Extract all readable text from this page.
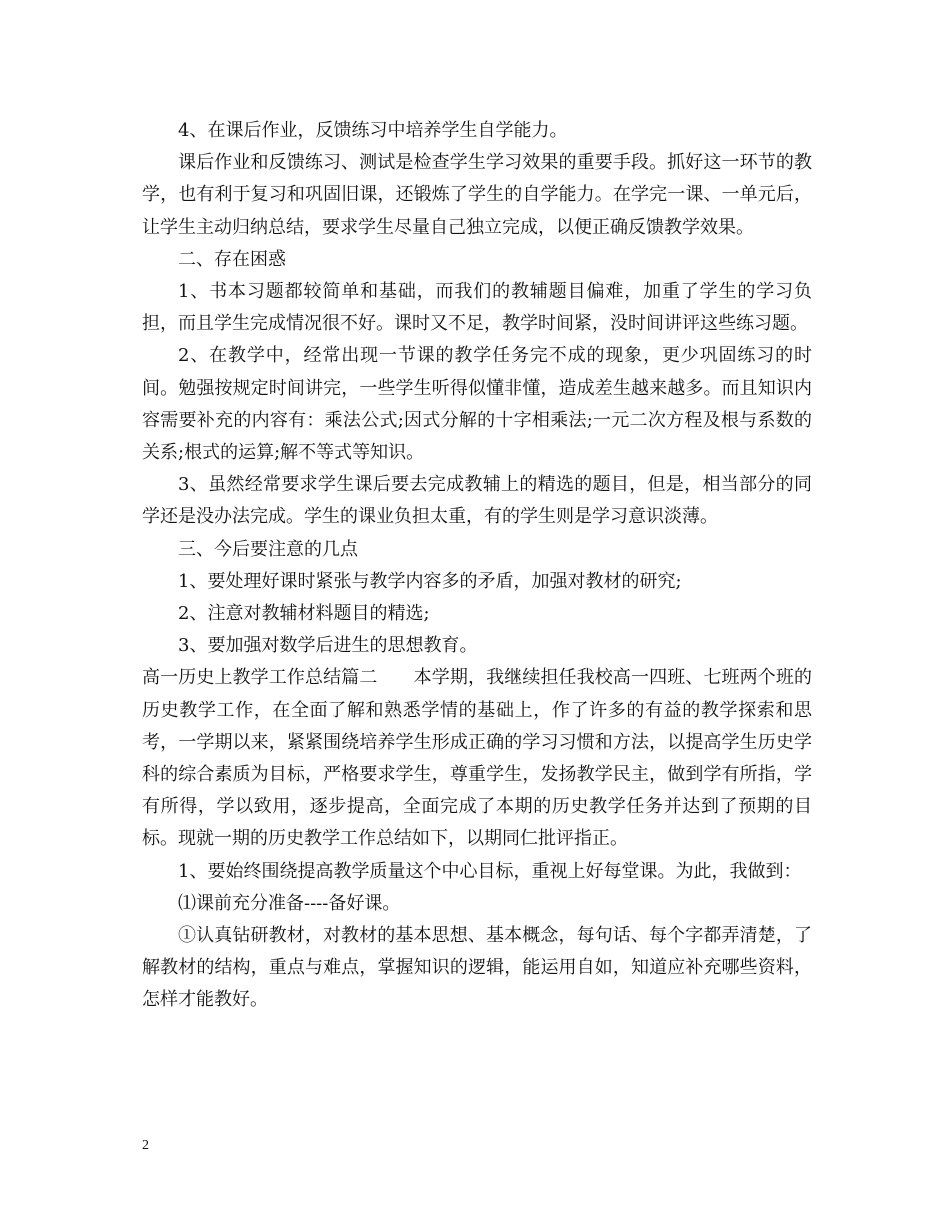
4、在课后作业，反馈练习中培养学生自学能力。

课后作业和反馈练习、测试是检查学生学习效果的重要手段。抓好这一环节的教学，也有利于复习和巩固旧课，还锻炼了学生的自学能力。在学完一课、一单元后，让学生主动归纳总结，要求学生尽量自己独立完成，以便正确反馈教学效果。

二、存在困惑

1、书本习题都较简单和基础，而我们的教辅题目偏难，加重了学生的学习负担，而且学生完成情况很不好。课时又不足，教学时间紧，没时间讲评这些练习题。

2、在教学中，经常出现一节课的教学任务完不成的现象，更少巩固练习的时间。勉强按规定时间讲完，一些学生听得似懂非懂，造成差生越来越多。而且知识内容需要补充的内容有：乘法公式;因式分解的十字相乘法;一元二次方程及根与系数的关系;根式的运算;解不等式等知识。

3、虽然经常要求学生课后要去完成教辅上的精选的题目，但是，相当部分的同学还是没办法完成。学生的课业负担太重，有的学生则是学习意识淡薄。

三、今后要注意的几点

1、要处理好课时紧张与教学内容多的矛盾，加强对教材的研究;

2、注意对教辅材料题目的精选;

3、要加强对数学后进生的思想教育。

高一历史上教学工作总结篇二　　本学期，我继续担任我校高一四班、七班两个班的历史教学工作，在全面了解和熟悉学情的基础上，作了许多的有益的教学探索和思考，一学期以来，紧紧围绕培养学生形成正确的学习习惯和方法，以提高学生历史学科的综合素质为目标，严格要求学生，尊重学生，发扬教学民主，做到学有所指，学有所得，学以致用，逐步提高，全面完成了本期的历史教学任务并达到了预期的目标。现就一期的历史教学工作总结如下，以期同仁批评指正。

1、要始终围绕提高教学质量这个中心目标，重视上好每堂课。为此，我做到：

⑴课前充分准备----备好课。

①认真钻研教材，对教材的基本思想、基本概念，每句话、每个字都弄清楚，了解教材的结构，重点与难点，掌握知识的逻辑，能运用自如，知道应补充哪些资料，怎样才能教好。

2
